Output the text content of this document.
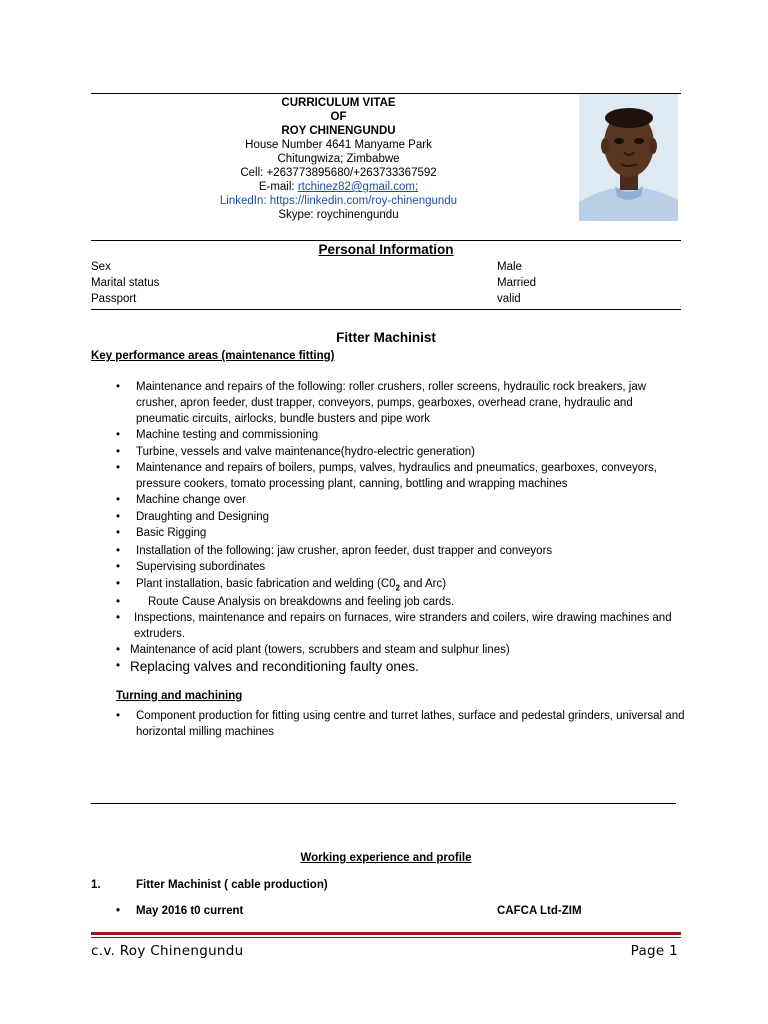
CURRICULUM VITAE
OF
ROY CHINENGUNDU
House Number 4641 Manyame Park
Chitungwiza; Zimbabwe
Cell: +263773895680/+263733367592
E-mail: rtchinez82@gmail.com;
LinkedIn: https://linkedin.com/roy-chinengundu
Skype: roychinengundu
Personal Information
Sex	Male
Marital status	Married
Passport	valid
Fitter Machinist
Key performance areas (maintenance fitting)
• Maintenance and repairs of the following: roller crushers, roller screens, hydraulic rock breakers, jaw crusher, apron feeder, dust trapper, conveyors, pumps, gearboxes, overhead crane, hydraulic and pneumatic circuits, airlocks, bundle busters and pipe work
• Machine testing and commissioning
• Turbine, vessels and valve maintenance(hydro-electric generation)
• Maintenance and repairs of boilers, pumps, valves, hydraulics and pneumatics, gearboxes, conveyors, pressure cookers, tomato processing plant, canning, bottling and wrapping machines
• Machine change over
• Draughting and Designing
• Basic Rigging
• Installation of the following: jaw crusher, apron feeder, dust trapper and conveyors
• Supervising subordinates
• Plant installation, basic fabrication and welding ($C0_2$ and Arc)
• Route Cause Analysis on breakdowns and feeling job cards.
• Inspections, maintenance and repairs on furnaces, wire stranders and coilers, wire drawing machines and extruders.
• Maintenance of acid plant (towers, scrubbers and steam and sulphur lines)
• Replacing valves and reconditioning faulty ones.
Turning and machining
• Component production for fitting using centre and turret lathes, surface and pedestal grinders, universal and horizontal milling machines
Working experience and profile
1.	Fitter Machinist ( cable production)
• May 2016 t0 current	CAFCA Ltd-ZIM
c.v. Roy Chinengundu	Page 1
